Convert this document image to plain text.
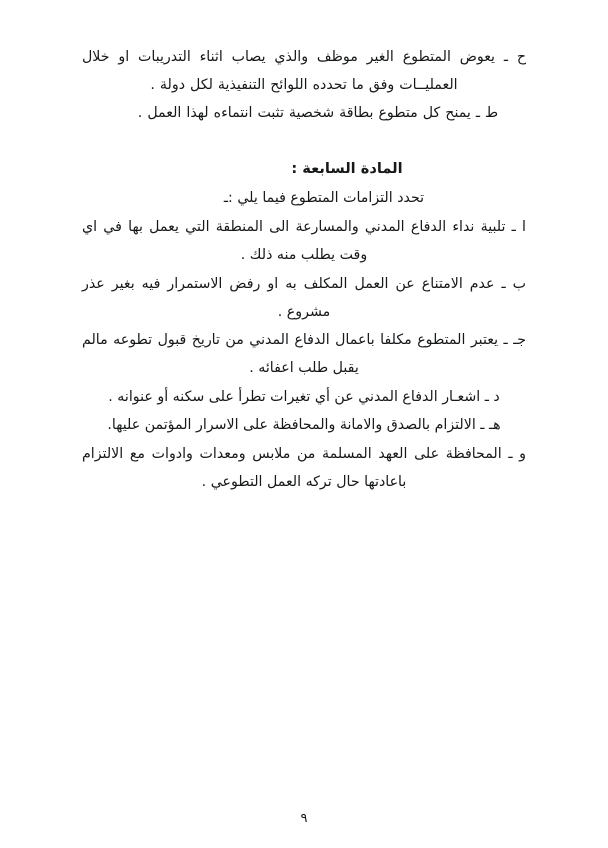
ح ـ يعوض المتطوع الغير موظف والذي يصاب اثناء التدريبات او خلال العمليــات وفق ما تحدده اللوائح التنفيذية لكل دولة .

ط ـ يمنح كل متطوع بطاقة شخصية تثبت انتماءه لهذا العمل .

المادة السابعة :

تحدد التزامات المتطوع فيما يلي :ـ

ا ـ تلبية نداء الدفاع المدني والمسارعة الى المنطقة التي يعمل بها في اي وقت يطلب منه ذلك .

ب ـ عدم الامتناع عن العمل المكلف به او رفض الاستمرار فيه بغير عذر مشروع .

جـ ـ يعتبر المتطوع مكلفا باعمال الدفاع المدني من تاريخ قبول تطوعه مالم يقبل طلب اعفائه .

د ـ اشعـار الدفاع المدني عن أي تغيرات تطرأ على سكنه أو عنوانه .

هـ ـ الالتزام بالصدق والامانة والمحافظة على الاسرار المؤتمن عليها.

و ـ المحافظة على العهد المسلمة من ملابس ومعدات وادوات مع الالتزام باعادتها حال تركه العمل التطوعي .

٩
